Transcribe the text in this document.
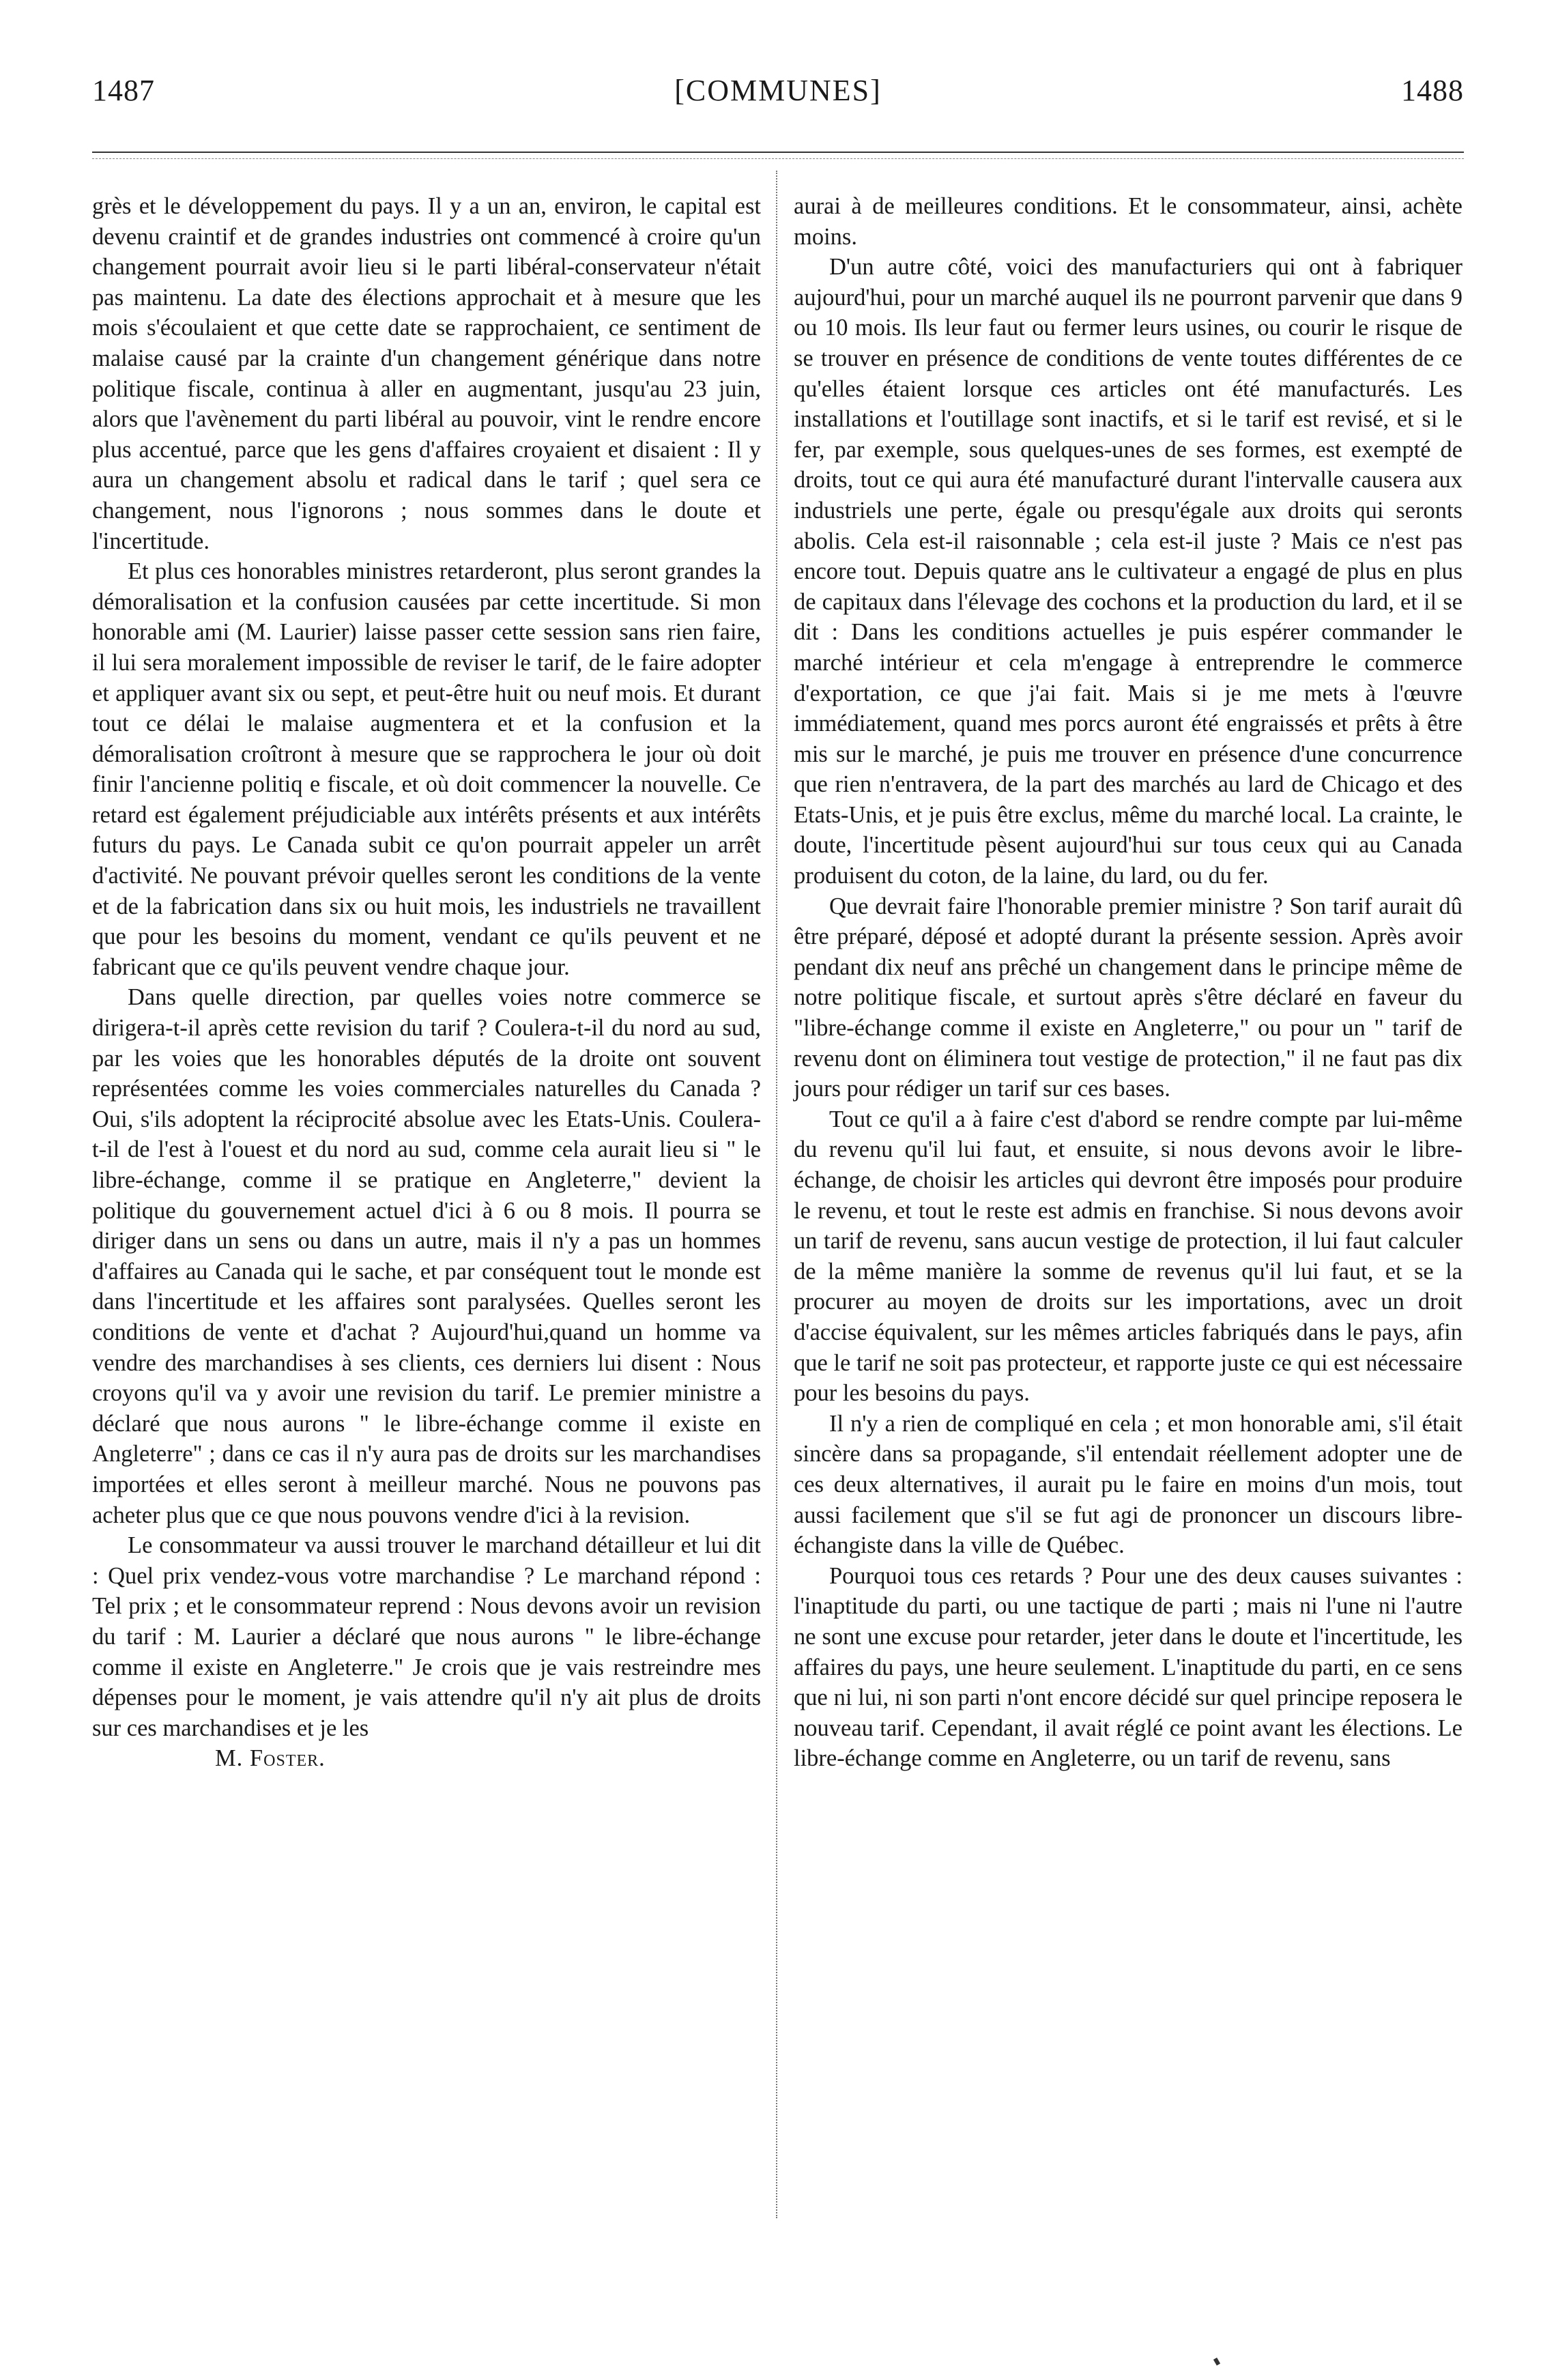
1487	[COMMUNES]	1488

grès et le développement du pays. Il y a un an, environ, le capital est devenu craintif et de grandes industries ont commencé à croire qu'un changement pourrait avoir lieu si le parti libéral-conservateur n'était pas maintenu. La date des élections approchait et à mesure que les mois s'écoulaient et que cette date se rapprochaient, ce sentiment de malaise causé par la crainte d'un changement générique dans notre politique fiscale, continua à aller en augmentant, jusqu'au 23 juin, alors que l'avènement du parti libéral au pouvoir, vint le rendre encore plus accentué, parce que les gens d'affaires croyaient et disaient : Il y aura un changement absolu et radical dans le tarif ; quel sera ce changement, nous l'ignorons ; nous sommes dans le doute et l'incertitude.

Et plus ces honorables ministres retarderont, plus seront grandes la démoralisation et la confusion causées par cette incertitude. Si mon honorable ami (M. Laurier) laisse passer cette session sans rien faire, il lui sera moralement impossible de reviser le tarif, de le faire adopter et appliquer avant six ou sept, et peut-être huit ou neuf mois. Et durant tout ce délai le malaise augmentera et et la confusion et la démoralisation croîtront à mesure que se rapprochera le jour où doit finir l'ancienne politiq e fiscale, et où doit commencer la nouvelle. Ce retard est également préjudiciable aux intérêts présents et aux intérêts futurs du pays. Le Canada subit ce qu'on pourrait appeler un arrêt d'activité. Ne pouvant prévoir quelles seront les conditions de la vente et de la fabrication dans six ou huit mois, les industriels ne travaillent que pour les besoins du moment, vendant ce qu'ils peuvent et ne fabricant que ce qu'ils peuvent vendre chaque jour.

Dans quelle direction, par quelles voies notre commerce se dirigera-t-il après cette revision du tarif ? Coulera-t-il du nord au sud, par les voies que les honorables députés de la droite ont souvent représentées comme les voies commerciales naturelles du Canada ? Oui, s'ils adoptent la réciprocité absolue avec les Etats-Unis. Coulera-t-il de l'est à l'ouest et du nord au sud, comme cela aurait lieu si " le libre-échange, comme il se pratique en Angleterre," devient la politique du gouvernement actuel d'ici à 6 ou 8 mois. Il pourra se diriger dans un sens ou dans un autre, mais il n'y a pas un hommes d'affaires au Canada qui le sache, et par conséquent tout le monde est dans l'incertitude et les affaires sont paralysées. Quelles seront les conditions de vente et d'achat ? Aujourd'hui,quand un homme va vendre des marchandises à ses clients, ces derniers lui disent : Nous croyons qu'il va y avoir une revision du tarif. Le premier ministre a déclaré que nous aurons " le libre-échange comme il existe en Angleterre" ; dans ce cas il n'y aura pas de droits sur les marchandises importées et elles seront à meilleur marché. Nous ne pouvons pas acheter plus que ce que nous pouvons vendre d'ici à la revision.

Le consommateur va aussi trouver le marchand détailleur et lui dit : Quel prix vendez-vous votre marchandise ? Le marchand répond : Tel prix ; et le consommateur reprend : Nous devons avoir un revision du tarif : M. Laurier a déclaré que nous aurons " le libre-échange comme il existe en Angleterre." Je crois que je vais restreindre mes dépenses pour le moment, je vais attendre qu'il n'y ait plus de droits sur ces marchandises et je les

M. Foster.

aurai à de meilleures conditions. Et le consommateur, ainsi, achète moins.

D'un autre côté, voici des manufacturiers qui ont à fabriquer aujourd'hui, pour un marché auquel ils ne pourront parvenir que dans 9 ou 10 mois. Ils leur faut ou fermer leurs usines, ou courir le risque de se trouver en présence de conditions de vente toutes différentes de ce qu'elles étaient lorsque ces articles ont été manufacturés. Les installations et l'outillage sont inactifs, et si le tarif est revisé, et si le fer, par exemple, sous quelques-unes de ses formes, est exempté de droits, tout ce qui aura été manufacturé durant l'intervalle causera aux industriels une perte, égale ou presqu'égale aux droits qui seronts abolis. Cela est-il raisonnable ; cela est-il juste ? Mais ce n'est pas encore tout. Depuis quatre ans le cultivateur a engagé de plus en plus de capitaux dans l'élevage des cochons et la production du lard, et il se dit : Dans les conditions actuelles je puis espérer commander le marché intérieur et cela m'engage à entreprendre le commerce d'exportation, ce que j'ai fait. Mais si je me mets à l'œuvre immédiatement, quand mes porcs auront été engraissés et prêts à être mis sur le marché, je puis me trouver en présence d'une concurrence que rien n'entravera, de la part des marchés au lard de Chicago et des Etats-Unis, et je puis être exclus, même du marché local. La crainte, le doute, l'incertitude pèsent aujourd'hui sur tous ceux qui au Canada produisent du coton, de la laine, du lard, ou du fer.

Que devrait faire l'honorable premier ministre ? Son tarif aurait dû être préparé, déposé et adopté durant la présente session. Après avoir pendant dix neuf ans prêché un changement dans le principe même de notre politique fiscale, et surtout après s'être déclaré en faveur du "libre-échange comme il existe en Angleterre," ou pour un " tarif de revenu dont on éliminera tout vestige de protection," il ne faut pas dix jours pour rédiger un tarif sur ces bases.

Tout ce qu'il a à faire c'est d'abord se rendre compte par lui-même du revenu qu'il lui faut, et ensuite, si nous devons avoir le libre-échange, de choisir les articles qui devront être imposés pour produire le revenu, et tout le reste est admis en franchise. Si nous devons avoir un tarif de revenu, sans aucun vestige de protection, il lui faut calculer de la même manière la somme de revenus qu'il lui faut, et se la procurer au moyen de droits sur les importations, avec un droit d'accise équivalent, sur les mêmes articles fabriqués dans le pays, afin que le tarif ne soit pas protecteur, et rapporte juste ce qui est nécessaire pour les besoins du pays.

Il n'y a rien de compliqué en cela ; et mon honorable ami, s'il était sincère dans sa propagande, s'il entendait réellement adopter une de ces deux alternatives, il aurait pu le faire en moins d'un mois, tout aussi facilement que s'il se fut agi de prononcer un discours libre-échangiste dans la ville de Québec.

Pourquoi tous ces retards ? Pour une des deux causes suivantes : l'inaptitude du parti, ou une tactique de parti ; mais ni l'une ni l'autre ne sont une excuse pour retarder, jeter dans le doute et l'incertitude, les affaires du pays, une heure seulement. L'inaptitude du parti, en ce sens que ni lui, ni son parti n'ont encore décidé sur quel principe reposera le nouveau tarif. Cependant, il avait réglé ce point avant les élections. Le libre-échange comme en Angleterre, ou un tarif de revenu, sans
